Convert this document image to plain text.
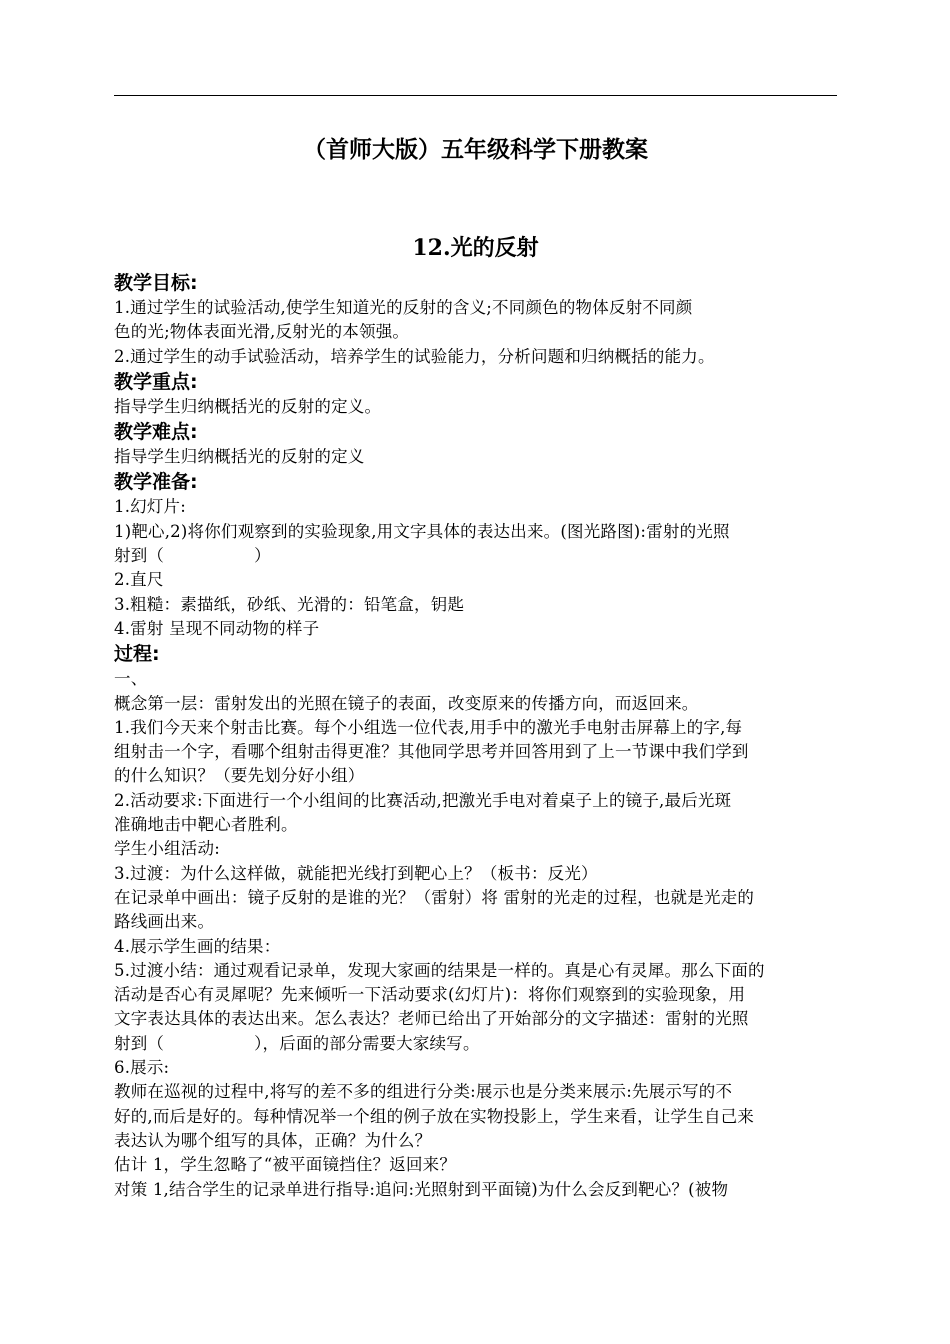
（首师大版）五年级科学下册教案
12.光的反射
教学目标:
1.通过学生的试验活动,使学生知道光的反射的含义;不同颜色的物体反射不同颜
色的光;物体表面光滑,反射光的本领强。
2.通过学生的动手试验活动，培养学生的试验能力，分析问题和归纳概括的能力。
教学重点:
指导学生归纳概括光的反射的定义。
教学难点:
指导学生归纳概括光的反射的定义
教学准备:
1.幻灯片:
1)靶心,2)将你们观察到的实验现象,用文字具体的表达出来。(图光路图):雷射的光照
射到（	）
2.直尺
3.粗糙：素描纸，砂纸、光滑的：铅笔盒，钥匙
4.雷射 呈现不同动物的样子
过程:
一、
概念第一层：雷射发出的光照在镜子的表面，改变原来的传播方向，而返回来。
1.我们今天来个射击比赛。每个小组选一位代表,用手中的激光手电射击屏幕上的字,每
组射击一个字，看哪个组射击得更准？其他同学思考并回答用到了上一节课中我们学到
的什么知识？（要先划分好小组）
2.活动要求:下面进行一个小组间的比赛活动,把激光手电对着桌子上的镜子,最后光斑
准确地击中靶心者胜利。
学生小组活动:
3.过渡：为什么这样做，就能把光线打到靶心上？（板书：反光）
在记录单中画出：镜子反射的是谁的光？（雷射）将 雷射的光走的过程，也就是光走的
路线画出来。
4.展示学生画的结果：
5.过渡小结：通过观看记录单，发现大家画的结果是一样的。真是心有灵犀。那么下面的
活动是否心有灵犀呢？先来倾听一下活动要求(幻灯片)：将你们观察到的实验现象，用
文字表达具体的表达出来。怎么表达？老师已给出了开始部分的文字描述：雷射的光照
射到（	），后面的部分需要大家续写。
6.展示:
教师在巡视的过程中,将写的差不多的组进行分类:展示也是分类来展示:先展示写的不
好的,而后是好的。每种情况举一个组的例子放在实物投影上，学生来看，让学生自己来
表达认为哪个组写的具体，正确？为什么？
估计 1，学生忽略了“被平面镜挡住？返回来？
对策 1,结合学生的记录单进行指导:追问:光照射到平面镜)为什么会反到靶心？(被物
